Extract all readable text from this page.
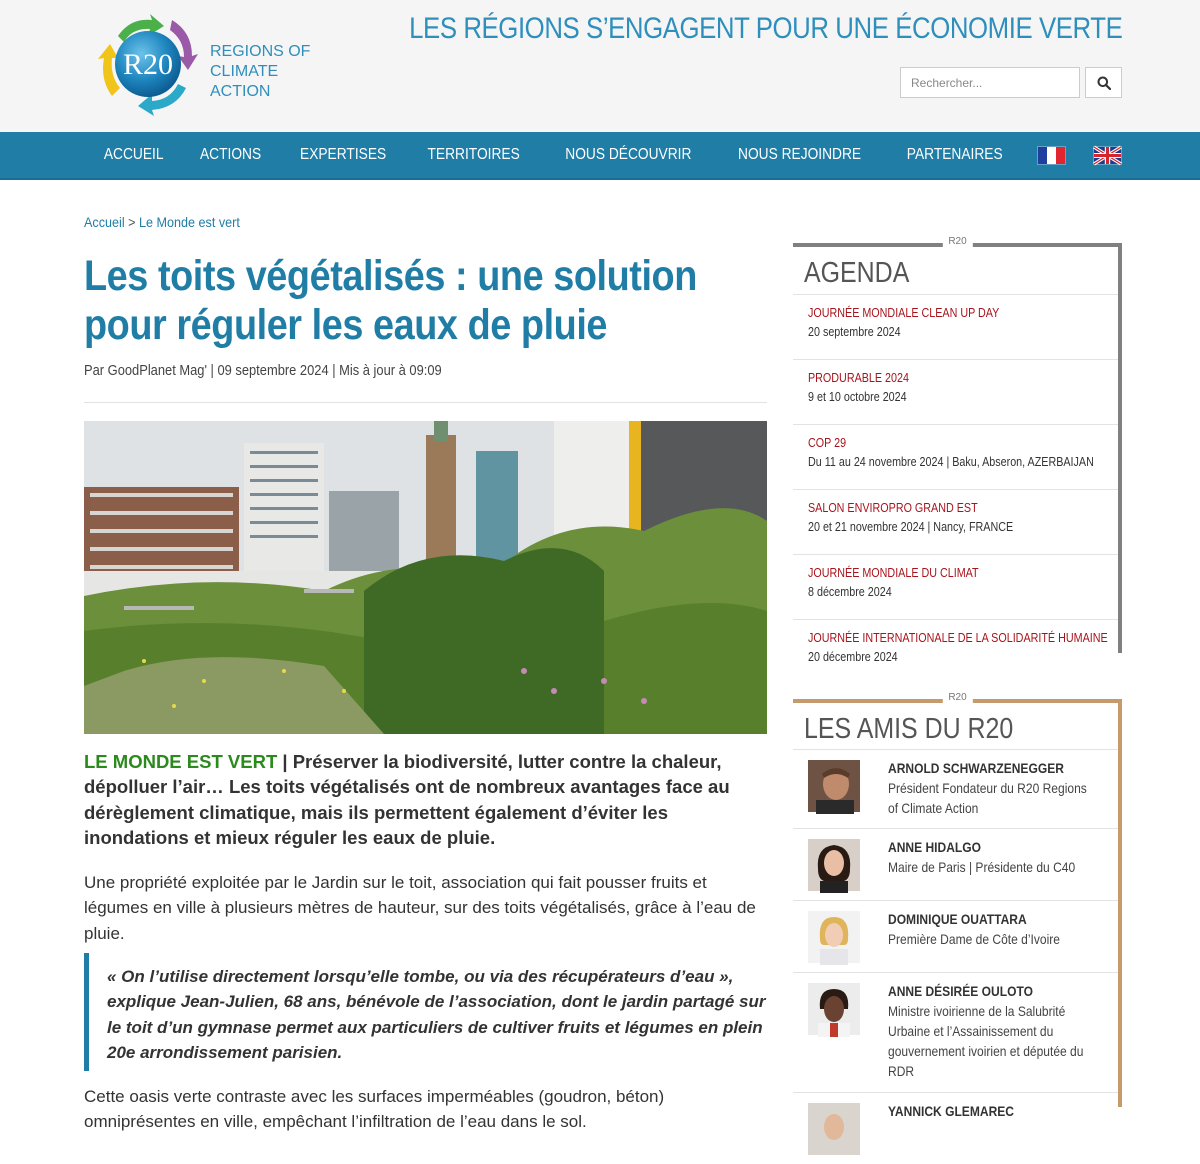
R20 REGIONS OF
CLIMATE ACTION
LES RÉGIONS S’ENGAGENT POUR UNE ÉCONOMIE VERTE
Rechercher...
ACCUEIL ACTIONS EXPERTISES	TERRITOIRES	NOUS DÉCOUVRIR	NOUS REJOINDRE	PARTENAIRES
Accueil > Le Monde est vert
Les toits végétalisés : une solution pour réguler les eaux de pluie
Par GoodPlanet Mag' | 09 septembre 2024 | Mis à jour à 09:09

LE MONDE EST VERT | Préserver la biodiversité, lutter contre la chaleur, dépolluer l’air… Les toits végétalisés ont de nombreux avantages face au dérèglement climatique, mais ils permettent également d’éviter les inondations et mieux réguler les eaux de pluie.

Une propriété exploitée par le Jardin sur le toit, association qui fait pousser fruits et légumes en ville à plusieurs mètres de hauteur, sur des toits végétalisés, grâce à l’eau de pluie.

« On l’utilise directement lorsqu’elle tombe, ou via des récupérateurs d’eau », explique Jean-Julien, 68 ans, bénévole de l’association, dont le jardin partagé sur le toit d’un gymnase permet aux particuliers de cultiver fruits et légumes en plein 20e arrondissement parisien.

Cette oasis verte contraste avec les surfaces imperméables (goudron, béton) omniprésentes en ville, empêchant l’infiltration de l’eau dans le sol.

R20
AGENDA
JOURNÉE MONDIALE CLEAN UP DAY
20 septembre 2024
PRODURABLE 2024
9 et 10 octobre 2024
COP 29
Du 11 au 24 novembre 2024 | Baku, Abseron, AZERBAIJAN
SALON ENVIROPRO GRAND EST
20 et 21 novembre 2024 | Nancy, FRANCE
JOURNÉE MONDIALE DU CLIMAT
8 décembre 2024
JOURNÉE INTERNATIONALE DE LA SOLIDARITÉ HUMAINE
20 décembre 2024
R20
LES AMIS DU R20
ARNOLD SCHWARZENEGGER
Président Fondateur du R20 Regions of Climate Action
ANNE HIDALGO
Maire de Paris | Présidente du C40
DOMINIQUE OUATTARA
Première Dame de Côte d’Ivoire
ANNE DÉSIRÉE OULOTO
Ministre ivoirienne de la Salubrité Urbaine et l’Assainissement du gouvernement ivoirien et députée du RDR
YANNICK GLEMAREC
